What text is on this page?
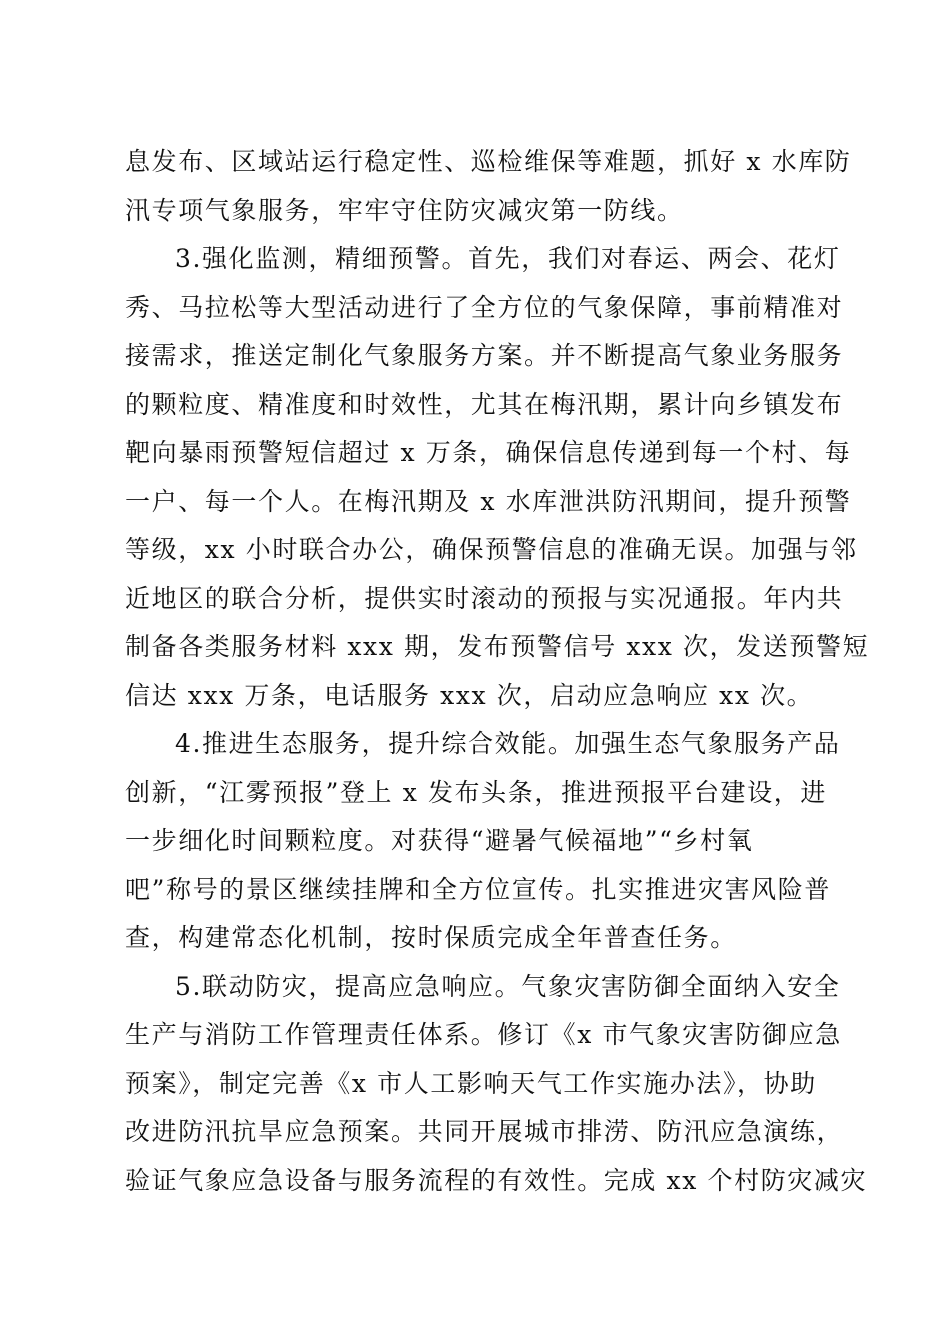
息发布、区域站运行稳定性、巡检维保等难题，抓好 x 水库防
汛专项气象服务，牢牢守住防灾减灾第一防线。
3.强化监测，精细预警。首先，我们对春运、两会、花灯
秀、马拉松等大型活动进行了全方位的气象保障，事前精准对
接需求，推送定制化气象服务方案。并不断提高气象业务服务
的颗粒度、精准度和时效性，尤其在梅汛期，累计向乡镇发布
靶向暴雨预警短信超过 x 万条，确保信息传递到每一个村、每
一户、每一个人。在梅汛期及 x 水库泄洪防汛期间，提升预警
等级，xx 小时联合办公，确保预警信息的准确无误。加强与邻
近地区的联合分析，提供实时滚动的预报与实况通报。年内共
制备各类服务材料 xxx 期，发布预警信号 xxx 次，发送预警短
信达 xxx 万条，电话服务 xxx 次，启动应急响应 xx 次。
4.推进生态服务，提升综合效能。加强生态气象服务产品
创新，“江雾预报”登上 x 发布头条，推进预报平台建设，进
一步细化时间颗粒度。对获得“避暑气候福地”“乡村氧
吧”称号的景区继续挂牌和全方位宣传。扎实推进灾害风险普
查，构建常态化机制，按时保质完成全年普查任务。
5.联动防灾，提高应急响应。气象灾害防御全面纳入安全
生产与消防工作管理责任体系。修订《x 市气象灾害防御应急
预案》，制定完善《x 市人工影响天气工作实施办法》，协助
改进防汛抗旱应急预案。共同开展城市排涝、防汛应急演练，
验证气象应急设备与服务流程的有效性。完成 xx 个村防灾减灾
